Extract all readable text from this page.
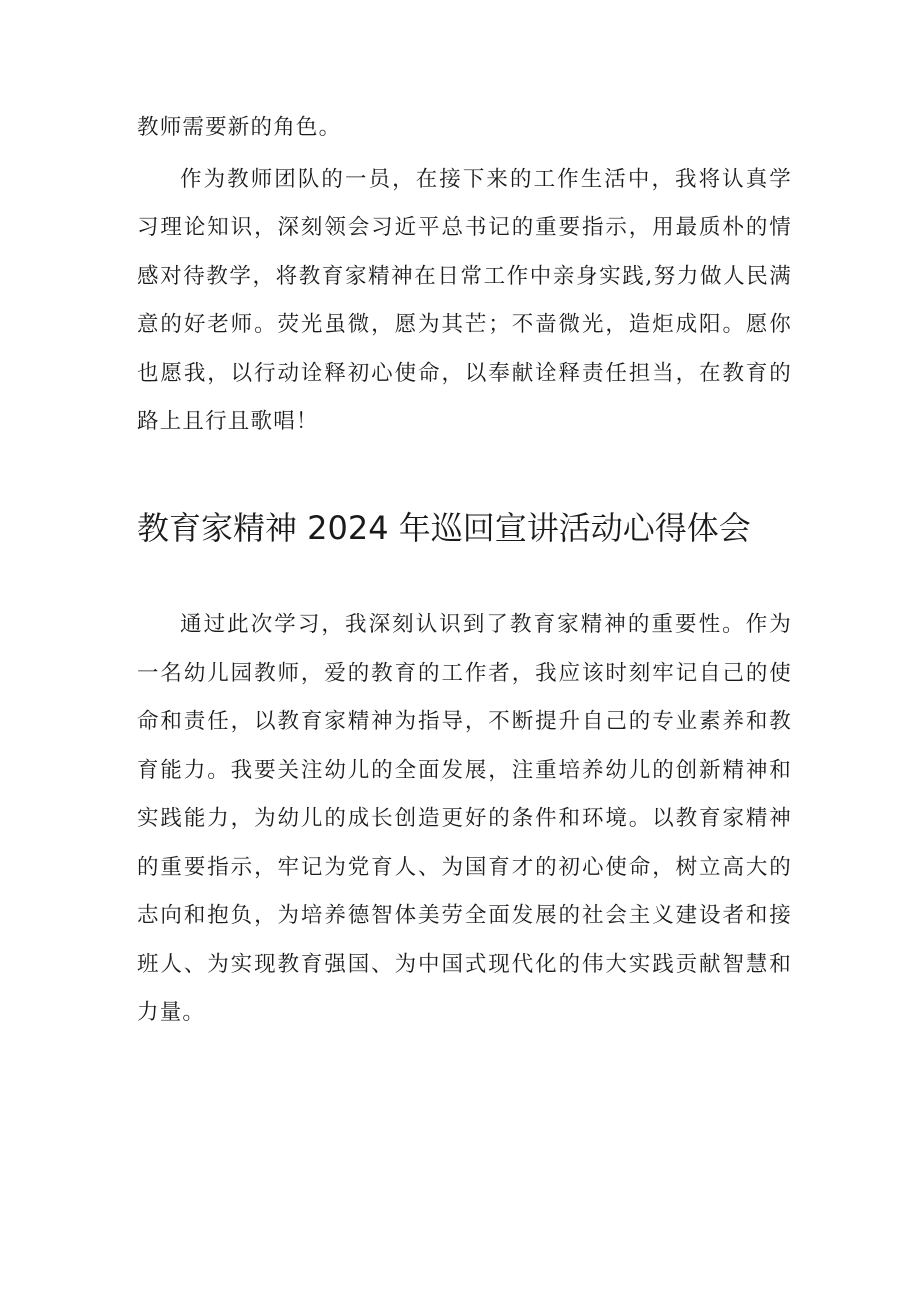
教师需要新的角色。

作为教师团队的一员，在接下来的工作生活中，我将认真学习理论知识，深刻领会习近平总书记的重要指示，用最质朴的情感对待教学，将教育家精神在日常工作中亲身实践,努力做人民满意的好老师。荧光虽微，愿为其芒；不啬微光，造炬成阳。愿你也愿我，以行动诠释初心使命，以奉献诠释责任担当，在教育的路上且行且歌唱！

教育家精神 2024 年巡回宣讲活动心得体会

通过此次学习，我深刻认识到了教育家精神的重要性。作为一名幼儿园教师，爱的教育的工作者，我应该时刻牢记自己的使命和责任，以教育家精神为指导，不断提升自己的专业素养和教育能力。我要关注幼儿的全面发展，注重培养幼儿的创新精神和实践能力，为幼儿的成长创造更好的条件和环境。以教育家精神的重要指示，牢记为党育人、为国育才的初心使命，树立高大的志向和抱负，为培养德智体美劳全面发展的社会主义建设者和接班人、为实现教育强国、为中国式现代化的伟大实践贡献智慧和力量。
